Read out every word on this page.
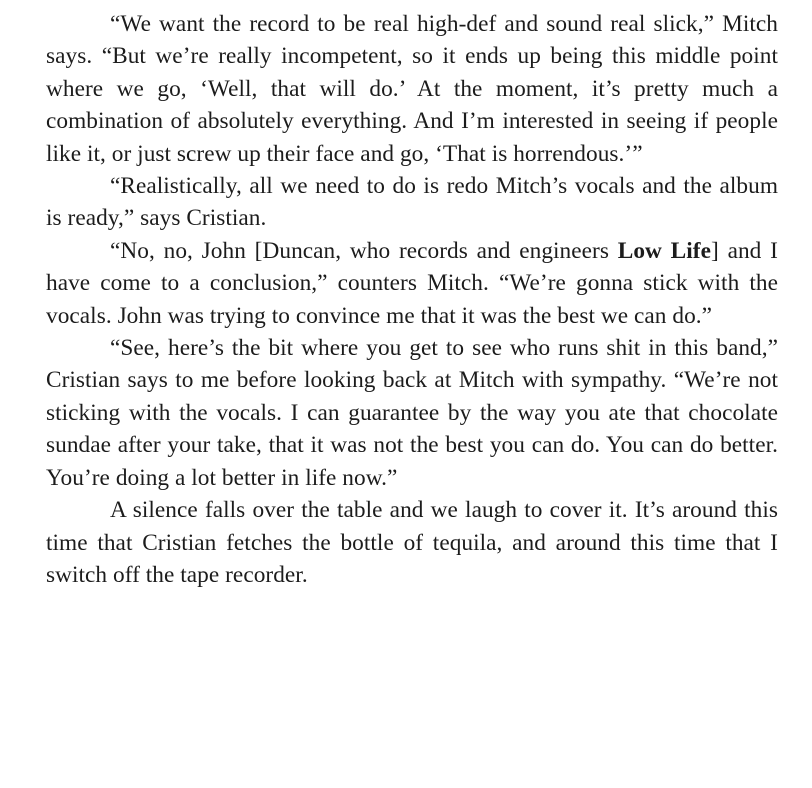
“We want the record to be real high-def and sound real slick,” Mitch says. “But we’re really incompetent, so it ends up being this middle point where we go, ‘Well, that will do.’ At the moment, it’s pretty much a combination of absolutely everything. And I’m interested in seeing if people like it, or just screw up their face and go, ‘That is horrendous.’”

“Realistically, all we need to do is redo Mitch’s vocals and the album is ready,” says Cristian.

“No, no, John [Duncan, who records and engineers Low Life] and I have come to a conclusion,” counters Mitch. “We’re gonna stick with the vocals. John was trying to convince me that it was the best we can do.”

“See, here’s the bit where you get to see who runs shit in this band,” Cristian says to me before looking back at Mitch with sympathy. “We’re not sticking with the vocals. I can guarantee by the way you ate that chocolate sundae after your take, that it was not the best you can do. You can do better. You’re doing a lot better in life now.”

A silence falls over the table and we laugh to cover it. It’s around this time that Cristian fetches the bottle of tequila, and around this time that I switch off the tape recorder.
